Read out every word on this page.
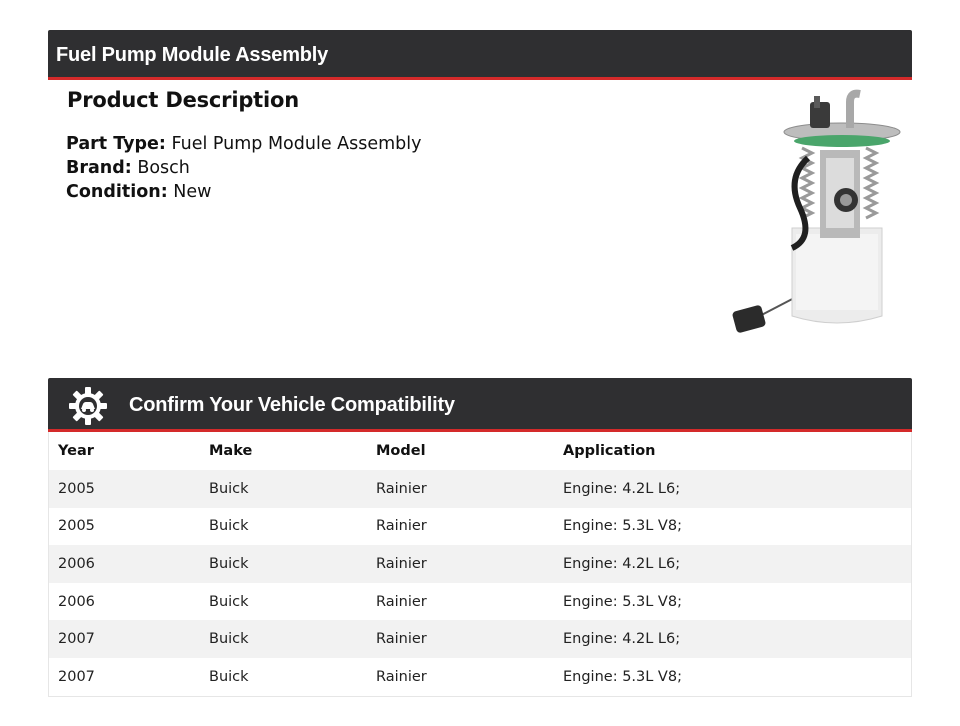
Fuel Pump Module Assembly
Product Description
Part Type: Fuel Pump Module Assembly
Brand: Bosch
Condition: New
Confirm Your Vehicle Compatibility
Year	Make	Model	Application
2005	Buick	Rainier	Engine: 4.2L L6;
2005	Buick	Rainier	Engine: 5.3L V8;
2006	Buick	Rainier	Engine: 4.2L L6;
2006	Buick	Rainier	Engine: 5.3L V8;
2007	Buick	Rainier	Engine: 4.2L L6;
2007	Buick	Rainier	Engine: 5.3L V8;
